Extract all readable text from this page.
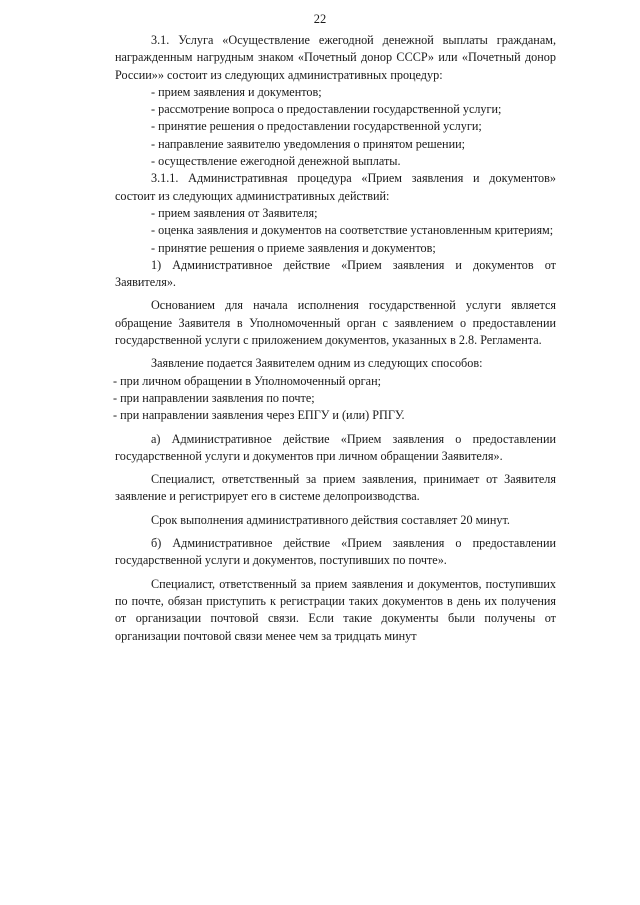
22

3.1. Услуга «Осуществление ежегодной денежной выплаты гражданам, награжденным нагрудным знаком «Почетный донор СССР» или «Почетный донор России»» состоит из следующих административных процедур:

- прием заявления и документов;

- рассмотрение вопроса о предоставлении государственной услуги;

- принятие решения о предоставлении государственной услуги;

- направление заявителю уведомления о принятом решении;

- осуществление ежегодной денежной выплаты.

3.1.1. Административная процедура «Прием заявления и документов» состоит из следующих административных действий:

- прием заявления от Заявителя;

- оценка заявления и документов на соответствие установленным критериям;

- принятие решения о приеме заявления и документов;

1) Административное действие «Прием заявления и документов от Заявителя».

Основанием для начала исполнения государственной услуги является обращение Заявителя в Уполномоченный орган с заявлением о предоставлении государственной услуги с приложением документов, указанных в 2.8. Регламента.

Заявление подается Заявителем одним из следующих способов:

- при личном обращении в Уполномоченный орган;

- при направлении заявления по почте;

- при направлении заявления через ЕПГУ и (или) РПГУ.

а) Административное действие «Прием заявления о предоставлении государственной услуги и документов при личном обращении Заявителя».

Специалист, ответственный за прием заявления, принимает от Заявителя заявление и регистрирует его в системе делопроизводства.

Срок выполнения административного действия составляет 20 минут.

б) Административное действие «Прием заявления о предоставлении государственной услуги и документов, поступивших по почте».

Специалист, ответственный за прием заявления и документов, поступивших по почте, обязан приступить к регистрации таких документов в день их получения от организации почтовой связи. Если такие документы были получены от организации почтовой связи менее чем за тридцать минут
